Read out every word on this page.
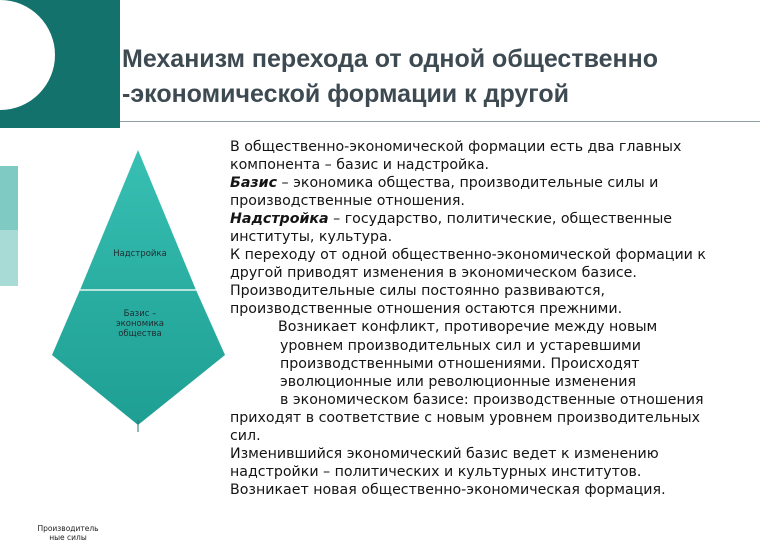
Механизм перехода от одной общественно
-экономической формации к другой
Надстройка
Базис –
экономика
общества
В общественно-экономической формации есть два главных
компонента – базис и надстройка.
Базис – экономика общества, производительные силы и
производственные отношения.
Надстройка – государство, политические, общественные
институты, культура.
К переходу от одной общественно-экономической формации к
другой приводят изменения в экономическом базисе.
Производительные силы постоянно развиваются,
производственные отношения остаются прежними.
Возникает конфликт, противоречие между новым
уровнем производительных сил и устаревшими
производственными отношениями. Происходят
эволюционные или революционные изменения
в экономическом базисе: производственные отношения
приходят в соответствие с новым уровнем производительных
сил.
Изменившийся экономический базис ведет к изменению
надстройки – политических и культурных институтов.
Возникает новая общественно-экономическая формация.
Производитель
ные силы
